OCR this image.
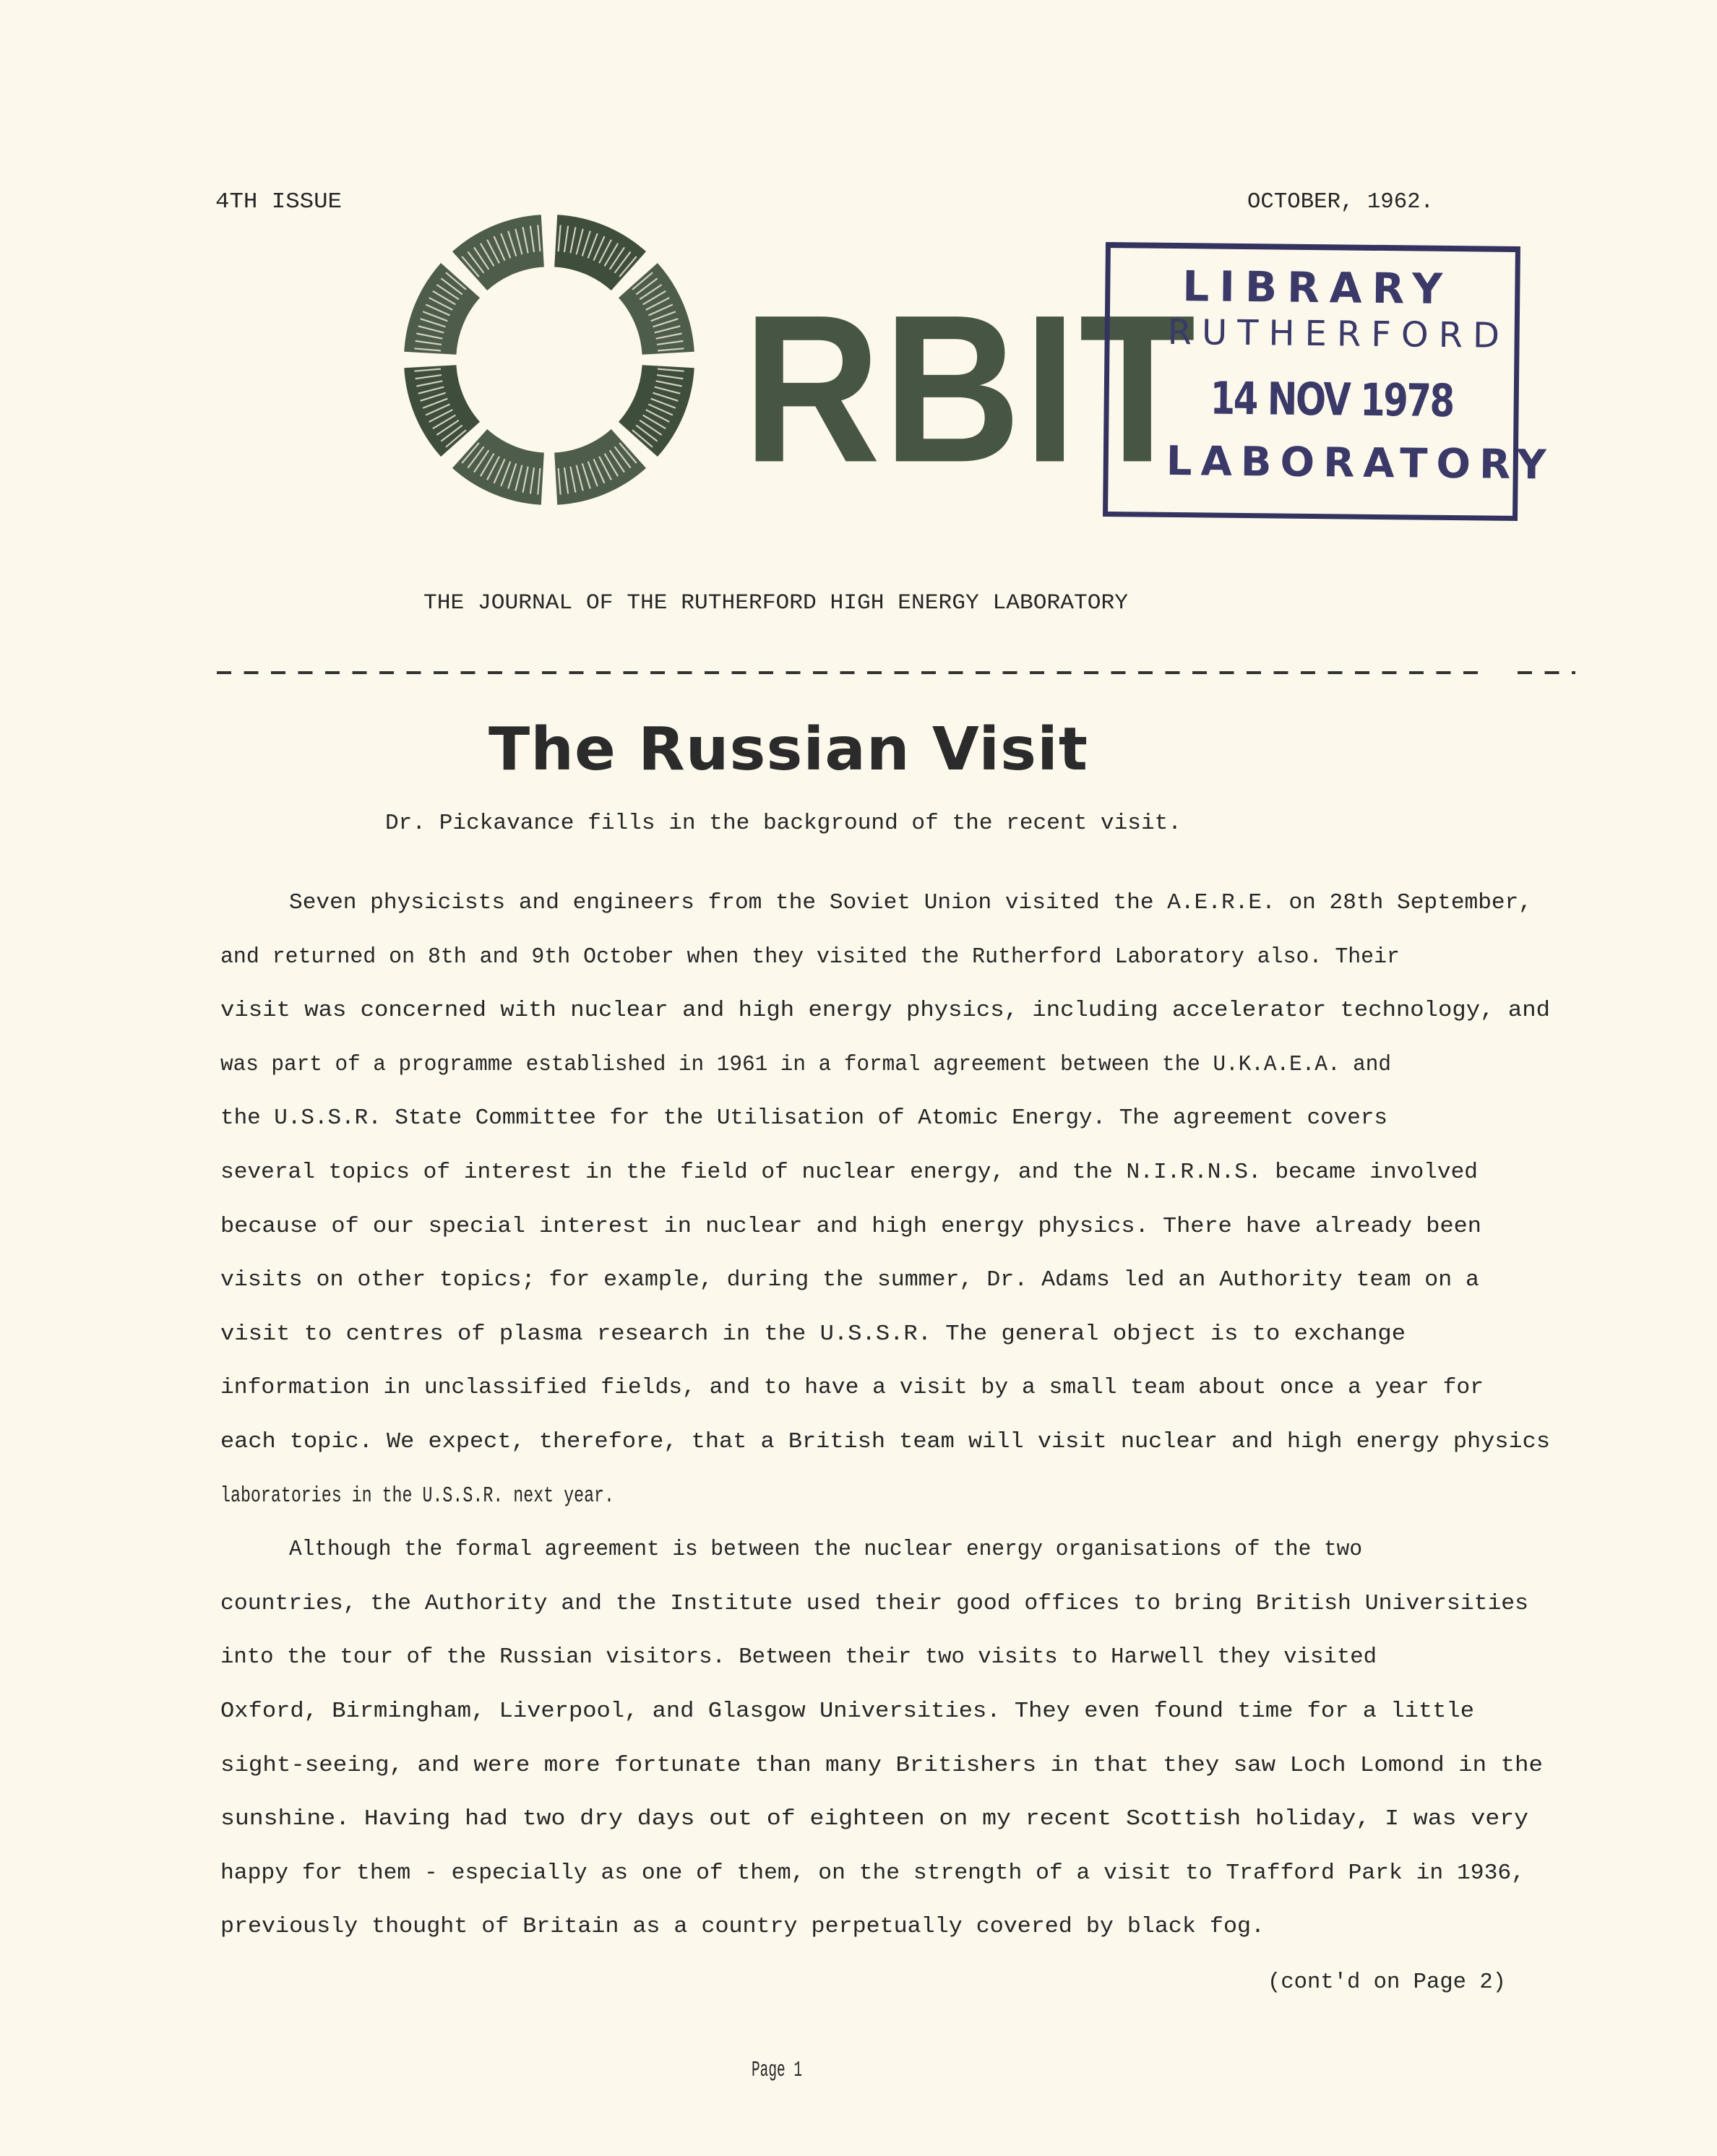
4TH ISSUE	OCTOBER, 1962.
RBIT
LIBRARY
RUTHERFORD
14 NOV 1978
LABORATORY
THE JOURNAL OF THE RUTHERFORD HIGH ENERGY LABORATORY
The Russian Visit
Dr. Pickavance fills in the background of the recent visit.
Seven physicists and engineers from the Soviet Union visited the A.E.R.E. on 28th September,
and returned on 8th and 9th October when they visited the Rutherford Laboratory also. Their
visit was concerned with nuclear and high energy physics, including accelerator technology, and
was part of a programme established in 1961 in a formal agreement between the U.K.A.E.A. and
the U.S.S.R. State Committee for the Utilisation of Atomic Energy. The agreement covers
several topics of interest in the field of nuclear energy, and the N.I.R.N.S. became involved
because of our special interest in nuclear and high energy physics. There have already been
visits on other topics; for example, during the summer, Dr. Adams led an Authority team on a
visit to centres of plasma research in the U.S.S.R. The general object is to exchange
information in unclassified fields, and to have a visit by a small team about once a year for
each topic. We expect, therefore, that a British team will visit nuclear and high energy physics
laboratories in the U.S.S.R. next year.
Although the formal agreement is between the nuclear energy organisations of the two
countries, the Authority and the Institute used their good offices to bring British Universities
into the tour of the Russian visitors. Between their two visits to Harwell they visited
Oxford, Birmingham, Liverpool, and Glasgow Universities. They even found time for a little
sight-seeing, and were more fortunate than many Britishers in that they saw Loch Lomond in the
sunshine. Having had two dry days out of eighteen on my recent Scottish holiday, I was very
happy for them - especially as one of them, on the strength of a visit to Trafford Park in 1936,
previously thought of Britain as a country perpetually covered by black fog.
(cont'd on Page 2)
Page 1
